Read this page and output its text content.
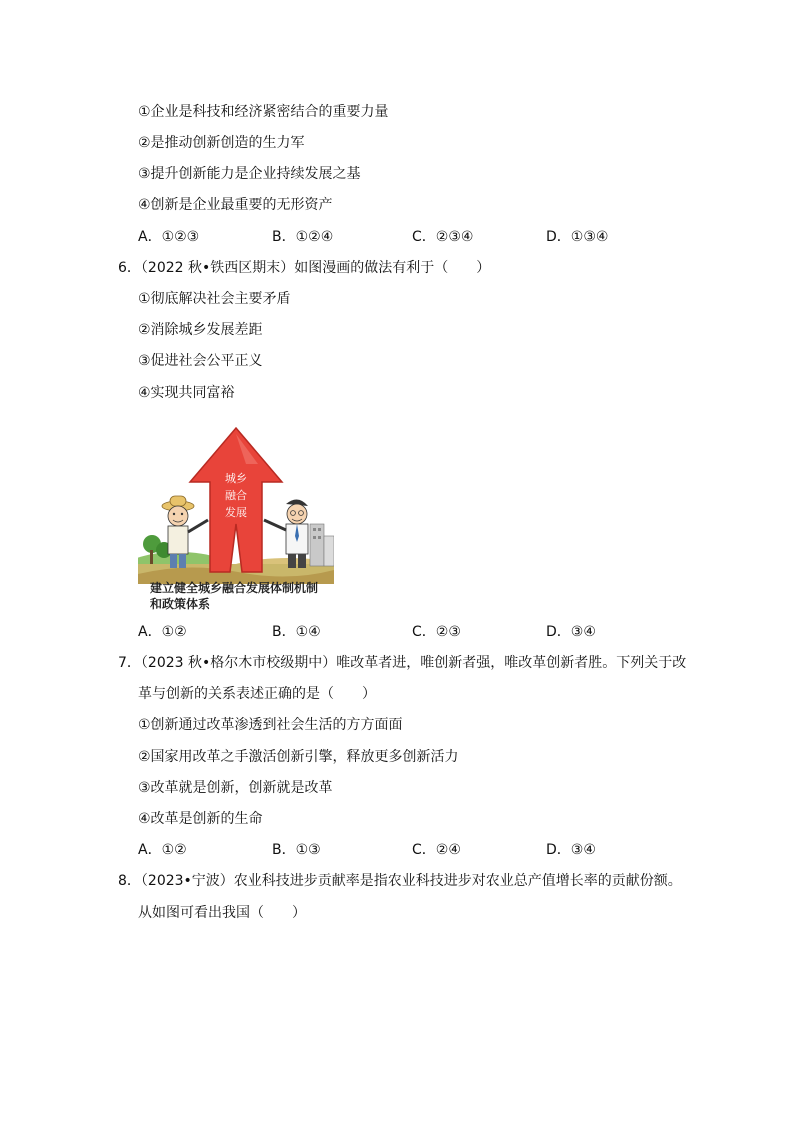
①企业是科技和经济紧密结合的重要力量
②是推动创新创造的生力军
③提升创新能力是企业持续发展之基
④创新是企业最重要的无形资产
A．①②③	B．①②④	C．②③④	D．①③④
6．（2022 秋•铁西区期末）如图漫画的做法有利于（　　）
①彻底解决社会主要矛盾
②消除城乡发展差距
③促进社会公平正义
④实现共同富裕
城乡
融合
发展
建立健全城乡融合发展体制机制
和政策体系
A．①②	B．①④	C．②③	D．③④
7．（2023 秋•格尔木市校级期中）唯改革者进，唯创新者强，唯改革创新者胜。下列关于改
革与创新的关系表述正确的是（　　）
①创新通过改革渗透到社会生活的方方面面
②国家用改革之手激活创新引擎，释放更多创新活力
③改革就是创新，创新就是改革
④改革是创新的生命
A．①②	B．①③	C．②④	D．③④
8．（2023•宁波）农业科技进步贡献率是指农业科技进步对农业总产值增长率的贡献份额。
从如图可看出我国（　　）
